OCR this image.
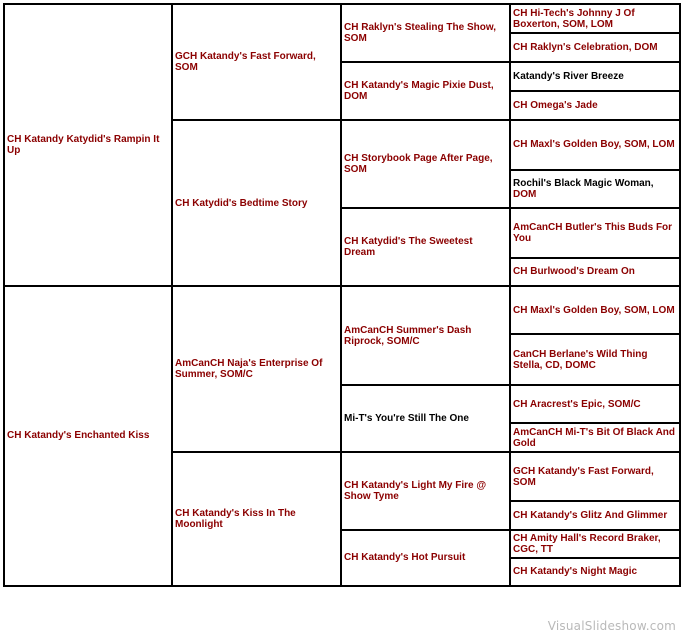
CH Katandy Katydid's Rampin It Up	GCH Katandy's Fast Forward, SOM	CH Raklyn's Stealing The Show, SOM	CH Hi-Tech's Johnny J Of Boxerton, SOM, LOM
			CH Raklyn's Celebration, DOM
		CH Katandy's Magic Pixie Dust, DOM	Katandy's River Breeze
			CH Omega's Jade
	CH Katydid's Bedtime Story	CH Storybook Page After Page, SOM	CH Maxl's Golden Boy, SOM, LOM
			Rochil's Black Magic Woman, DOM
		CH Katydid's The Sweetest Dream	AmCanCH Butler's This Buds For You
			CH Burlwood's Dream On
CH Katandy's Enchanted Kiss	AmCanCH Naja's Enterprise Of Summer, SOM/C	AmCanCH Summer's Dash Riprock, SOM/C	CH Maxl's Golden Boy, SOM, LOM
			CanCH Berlane's Wild Thing Stella, CD, DOMC
		Mi-T's You're Still The One	CH Aracrest's Epic, SOM/C
			AmCanCH Mi-T's Bit Of Black And Gold
	CH Katandy's Kiss In The Moonlight	CH Katandy's Light My Fire @ Show Tyme	GCH Katandy's Fast Forward, SOM
			CH Katandy's Glitz And Glimmer
		CH Katandy's Hot Pursuit	CH Amity Hall's Record Braker, CGC, TT
			CH Katandy's Night Magic
VisualSlideshow.com
